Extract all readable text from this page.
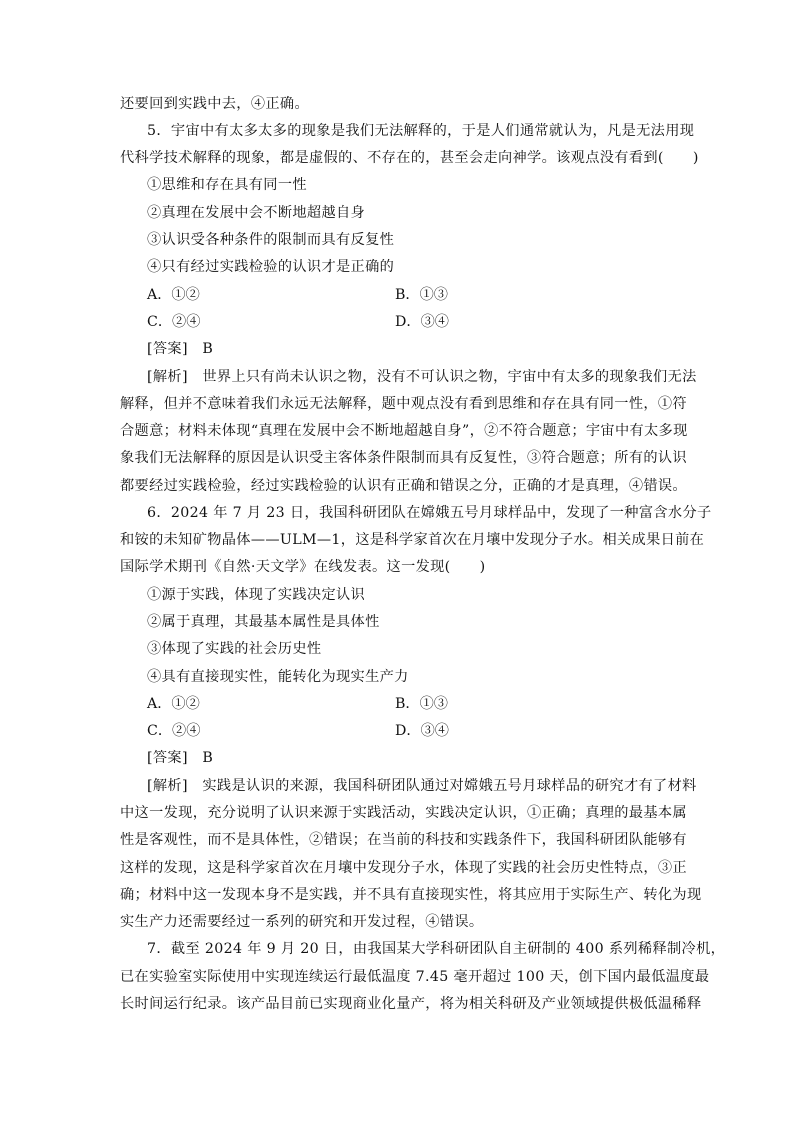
还要回到实践中去，④正确。
5．宇宙中有太多太多的现象是我们无法解释的，于是人们通常就认为，凡是无法用现
代科学技术解释的现象，都是虚假的、不存在的，甚至会走向神学。该观点没有看到(　　)
①思维和存在具有同一性
②真理在发展中会不断地超越自身
③认识受各种条件的限制而具有反复性
④只有经过实践检验的认识才是正确的
A．①②	B．①③
C．②④	D．③④
[答案]　B
[解析]　世界上只有尚未认识之物，没有不可认识之物，宇宙中有太多的现象我们无法
解释，但并不意味着我们永远无法解释，题中观点没有看到思维和存在具有同一性，①符
合题意；材料未体现“真理在发展中会不断地超越自身”，②不符合题意；宇宙中有太多现
象我们无法解释的原因是认识受主客体条件限制而具有反复性，③符合题意；所有的认识
都要经过实践检验，经过实践检验的认识有正确和错误之分，正确的才是真理，④错误。
6．2024 年 7 月 23 日，我国科研团队在嫦娥五号月球样品中，发现了一种富含水分子
和铵的未知矿物晶体——ULM—1，这是科学家首次在月壤中发现分子水。相关成果日前在
国际学术期刊《自然·天文学》在线发表。这一发现(　　)
①源于实践，体现了实践决定认识
②属于真理，其最基本属性是具体性
③体现了实践的社会历史性
④具有直接现实性，能转化为现实生产力
A．①②	B．①③
C．②④	D．③④
[答案]　B
[解析]　实践是认识的来源，我国科研团队通过对嫦娥五号月球样品的研究才有了材料
中这一发现，充分说明了认识来源于实践活动，实践决定认识，①正确；真理的最基本属
性是客观性，而不是具体性，②错误；在当前的科技和实践条件下，我国科研团队能够有
这样的发现，这是科学家首次在月壤中发现分子水，体现了实践的社会历史性特点，③正
确；材料中这一发现本身不是实践，并不具有直接现实性，将其应用于实际生产、转化为现
实生产力还需要经过一系列的研究和开发过程，④错误。
7．截至 2024 年 9 月 20 日，由我国某大学科研团队自主研制的 400 系列稀释制冷机，
已在实验室实际使用中实现连续运行最低温度 7.45 毫开超过 100 天，创下国内最低温度最
长时间运行纪录。该产品目前已实现商业化量产，将为相关科研及产业领域提供极低温稀释
